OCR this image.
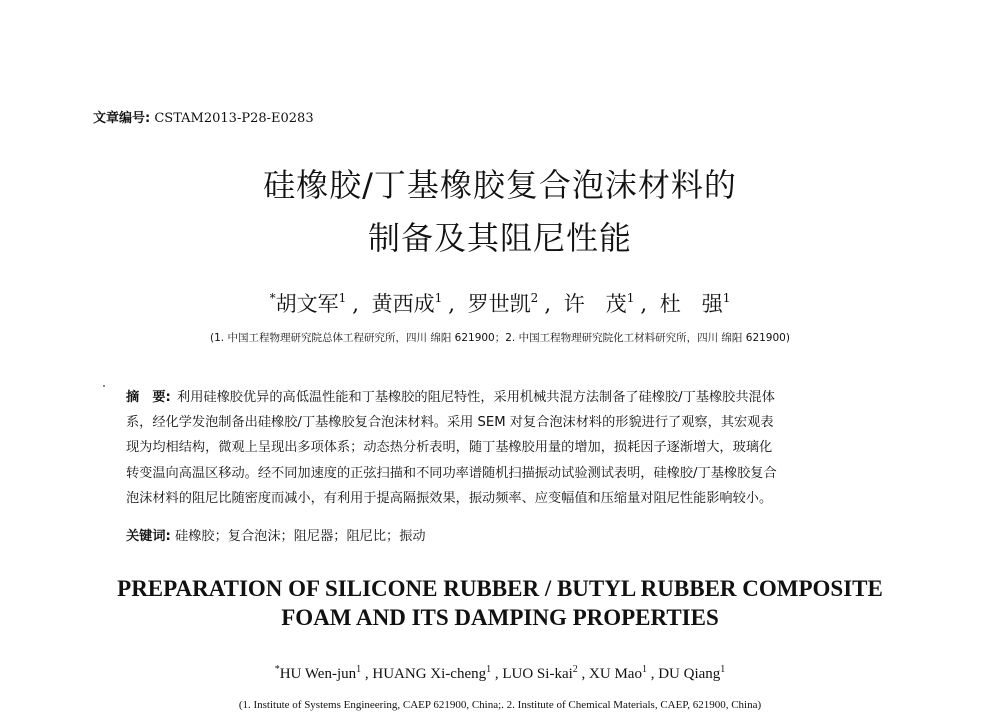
文章编号: CSTAM2013-P28-E0283
硅橡胶/丁基橡胶复合泡沫材料的
制备及其阻尼性能
*胡文军$^1$ , 黄西成$^1$ , 罗世凯$^2$ , 许　茂$^1$ , 杜　强$^1$
(1. 中国工程物理研究院总体工程研究所，四川 绵阳 621900；2. 中国工程物理研究院化工材料研究所，四川 绵阳 621900)
摘　要: 利用硅橡胶优异的高低温性能和丁基橡胶的阻尼特性，采用机械共混方法制备了硅橡胶/丁基橡胶共混体
系，经化学发泡制备出硅橡胶/丁基橡胶复合泡沫材料。采用 SEM 对复合泡沫材料的形貌进行了观察，其宏观表
现为均相结构，微观上呈现出多项体系；动态热分析表明，随丁基橡胶用量的增加，损耗因子逐渐增大，玻璃化
转变温向高温区移动。经不同加速度的正弦扫描和不同功率谱随机扫描振动试验测试表明，硅橡胶/丁基橡胶复合
泡沫材料的阻尼比随密度而减小，有利用于提高隔振效果，振动频率、应变幅值和压缩量对阻尼性能影响较小。
关键词: 硅橡胶；复合泡沫；阻尼器；阻尼比；振动
PREPARATION OF SILICONE RUBBER / BUTYL RUBBER COMPOSITE
FOAM AND ITS DAMPING PROPERTIES
*HU Wen-jun$^1$ , HUANG Xi-cheng$^1$ , LUO Si-kai$^2$ , XU Mao$^1$ , DU Qiang$^1$
(1. Institute of Systems Engineering, CAEP 621900, China;. 2. Institute of Chemical Materials, CAEP, 621900, China)
